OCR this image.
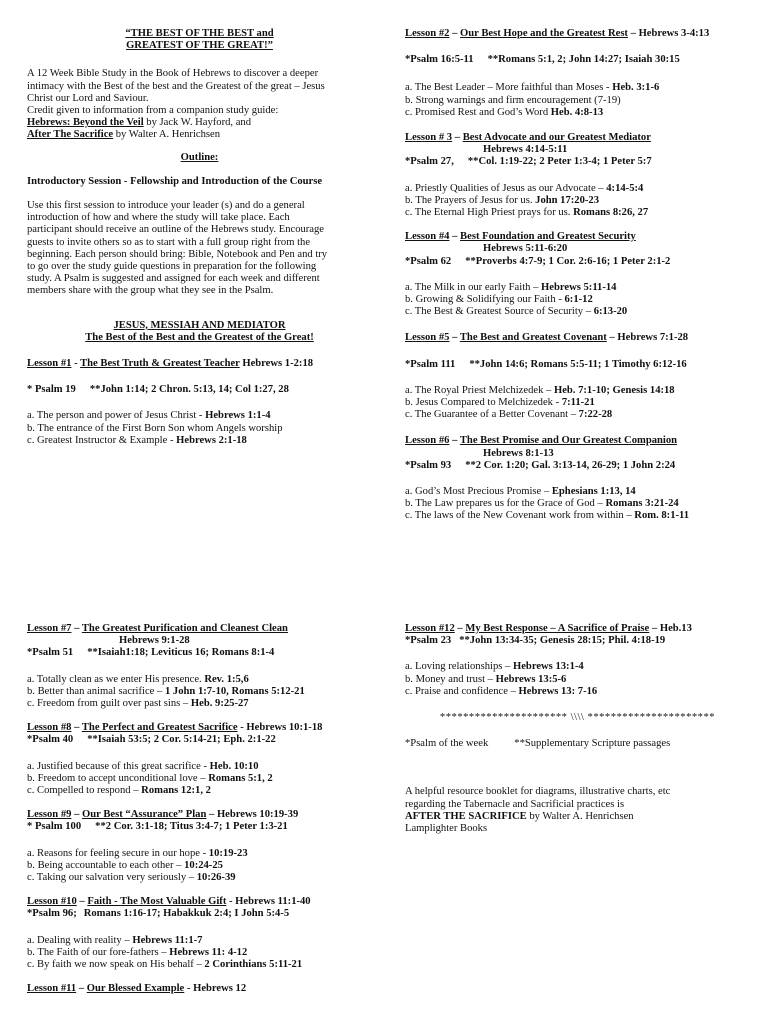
“THE BEST OF THE BEST and

GREATEST OF THE GREAT!”

A 12 Week Bible Study in the Book of Hebrews to discover a deeper

intimacy with the Best of the best and the Greatest of the great – Jesus

Christ our Lord and Saviour.

Credit given to information from a companion study guide:

Hebrews: Beyond the Veil by Jack W. Hayford, and

After The Sacrifice by Walter A. Henrichsen

Outline:

Introductory Session - Fellowship and Introduction of the Course

Use this first session to introduce your leader (s) and do a general

introduction of how and where the study will take place. Each

participant should receive an outline of the Hebrews study. Encourage

guests to invite others so as to start with a full group right from the

beginning. Each person should bring: Bible, Notebook and Pen and try

to go over the study guide questions in preparation for the following

study. A Psalm is suggested and assigned for each week and different

members share with the group what they see in the Psalm.

JESUS, MESSIAH AND MEDIATOR

The Best of the Best and the Greatest of the Great!

Lesson #1 - The Best Truth & Greatest Teacher Hebrews 1-2:18

* Psalm 19 **John 1:14; 2 Chron. 5:13, 14; Col 1:27, 28

a. The person and power of Jesus Christ - Hebrews 1:1-4

b. The entrance of the First Born Son whom Angels worship

c. Greatest Instructor & Example - Hebrews 2:1-18

Lesson #2 – Our Best Hope and the Greatest Rest – Hebrews 3-4:13

*Psalm 16:5-11 **Romans 5:1, 2; John 14:27; Isaiah 30:15

a. The Best Leader – More faithful than Moses - Heb. 3:1-6

b. Strong warnings and firm encouragement (7-19)

c. Promised Rest and God’s Word Heb. 4:8-13

Lesson # 3 – Best Advocate and our Greatest Mediator

Hebrews 4:14-5:11

*Psalm 27, **Col. 1:19-22; 2 Peter 1:3-4; 1 Peter 5:7

a. Priestly Qualities of Jesus as our Advocate – 4:14-5:4

b. The Prayers of Jesus for us. John 17:20-23

c. The Eternal High Priest prays for us. Romans 8:26, 27

Lesson #4 – Best Foundation and Greatest Security

Hebrews 5:11-6:20

*Psalm 62 **Proverbs 4:7-9; 1 Cor. 2:6-16; 1 Peter 2:1-2

a. The Milk in our early Faith – Hebrews 5:11-14

b. Growing & Solidifying our Faith - 6:1-12

c. The Best & Greatest Source of Security – 6:13-20

Lesson #5 – The Best and Greatest Covenant – Hebrews 7:1-28

*Psalm 111 **John 14:6; Romans 5:5-11; 1 Timothy 6:12-16

a. The Royal Priest Melchizedek – Heb. 7:1-10; Genesis 14:18

b. Jesus Compared to Melchizedek - 7:11-21

c. The Guarantee of a Better Covenant – 7:22-28

Lesson #6 – The Best Promise and Our Greatest Companion

Hebrews 8:1-13

*Psalm 93 **2 Cor. 1:20; Gal. 3:13-14, 26-29; 1 John 2:24

a. God’s Most Precious Promise – Ephesians 1:13, 14

b. The Law prepares us for the Grace of God – Romans 3:21-24

c. The laws of the New Covenant work from within – Rom. 8:1-11

Lesson #7 – The Greatest Purification and Cleanest Clean

Hebrews 9:1-28

*Psalm 51 **Isaiah1:18; Leviticus 16; Romans 8:1-4

a. Totally clean as we enter His presence. Rev. 1:5,6

b. Better than animal sacrifice – 1 John 1:7-10, Romans 5:12-21

c. Freedom from guilt over past sins – Heb. 9:25-27

Lesson #8 – The Perfect and Greatest Sacrifice - Hebrews 10:1-18

*Psalm 40 **Isaiah 53:5; 2 Cor. 5:14-21; Eph. 2:1-22

a. Justified because of this great sacrifice - Heb. 10:10

b. Freedom to accept unconditional love – Romans 5:1, 2

c. Compelled to respond – Romans 12:1, 2

Lesson #9 – Our Best “Assurance” Plan – Hebrews 10:19-39

* Psalm 100 **2 Cor. 3:1-18; Titus 3:4-7; 1 Peter 1:3-21

a. Reasons for feeling secure in our hope - 10:19-23

b. Being accountable to each other – 10:24-25

c. Taking our salvation very seriously – 10:26-39

Lesson #10 – Faith - The Most Valuable Gift - Hebrews 11:1-40

*Psalm 96; Romans 1:16-17; Habakkuk 2:4; I John 5:4-5

a. Dealing with reality – Hebrews 11:1-7

b. The Faith of our fore-fathers – Hebrews 11: 4-12

c. By faith we now speak on His behalf – 2 Corinthians 5:11-21

Lesson #11 – Our Blessed Example - Hebrews 12

Lesson #12 – My Best Response – A Sacrifice of Praise – Heb.13

*Psalm 23 **John 13:34-35; Genesis 28:15; Phil. 4:18-19

a. Loving relationships – Hebrews 13:1-4

b. Money and trust – Hebrews 13:5-6

c. Praise and confidence – Hebrews 13: 7-16

********************** \\\\ **********************

*Psalm of the week **Supplementary Scripture passages

A helpful resource booklet for diagrams, illustrative charts, etc

regarding the Tabernacle and Sacrificial practices is

AFTER THE SACRIFICE by Walter A. Henrichsen

Lamplighter Books
